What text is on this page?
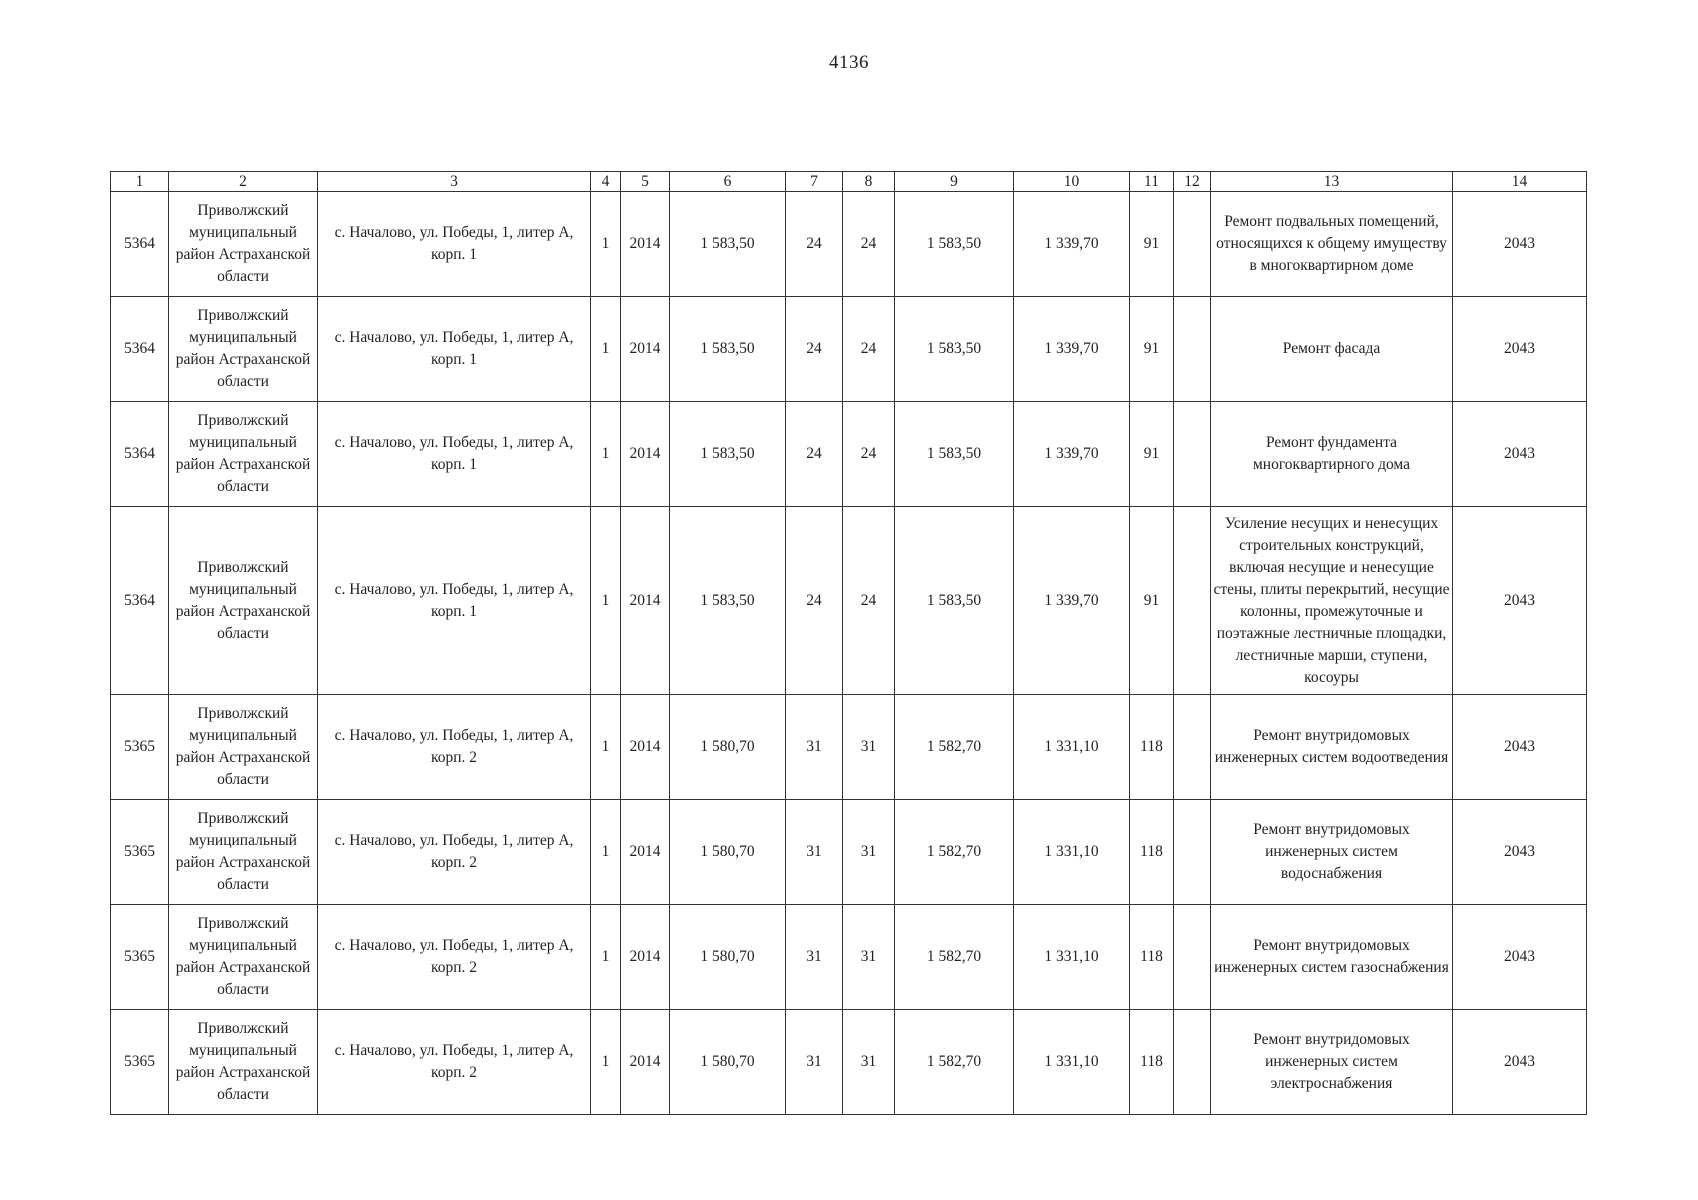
4136
1	2	3	4	5	6	7	8	9	10	11	12	13	14
5364	Приволжский муниципальный район Астраханской области	с. Началово, ул. Победы, 1, литер А, корп. 1	1	2014	1 583,50	24	24	1 583,50	1 339,70	91		Ремонт подвальных помещений, относящихся к общему имуществу в многоквартирном доме	2043
5364	Приволжский муниципальный район Астраханской области	с. Началово, ул. Победы, 1, литер А, корп. 1	1	2014	1 583,50	24	24	1 583,50	1 339,70	91		Ремонт фасада	2043
5364	Приволжский муниципальный район Астраханской области	с. Началово, ул. Победы, 1, литер А, корп. 1	1	2014	1 583,50	24	24	1 583,50	1 339,70	91		Ремонт фундамента многоквартирного дома	2043
5364	Приволжский муниципальный район Астраханской области	с. Началово, ул. Победы, 1, литер А, корп. 1	1	2014	1 583,50	24	24	1 583,50	1 339,70	91		Усиление несущих и ненесущих строительных конструкций, включая несущие и ненесущие стены, плиты перекрытий, несущие колонны, промежуточные и поэтажные лестничные площадки, лестничные марши, ступени, косоуры	2043
5365	Приволжский муниципальный район Астраханской области	с. Началово, ул. Победы, 1, литер А, корп. 2	1	2014	1 580,70	31	31	1 582,70	1 331,10	118		Ремонт внутридомовых инженерных систем водоотведения	2043
5365	Приволжский муниципальный район Астраханской области	с. Началово, ул. Победы, 1, литер А, корп. 2	1	2014	1 580,70	31	31	1 582,70	1 331,10	118		Ремонт внутридомовых инженерных систем водоснабжения	2043
5365	Приволжский муниципальный район Астраханской области	с. Началово, ул. Победы, 1, литер А, корп. 2	1	2014	1 580,70	31	31	1 582,70	1 331,10	118		Ремонт внутридомовых инженерных систем газоснабжения	2043
5365	Приволжский муниципальный район Астраханской области	с. Началово, ул. Победы, 1, литер А, корп. 2	1	2014	1 580,70	31	31	1 582,70	1 331,10	118		Ремонт внутридомовых инженерных систем электроснабжения	2043
